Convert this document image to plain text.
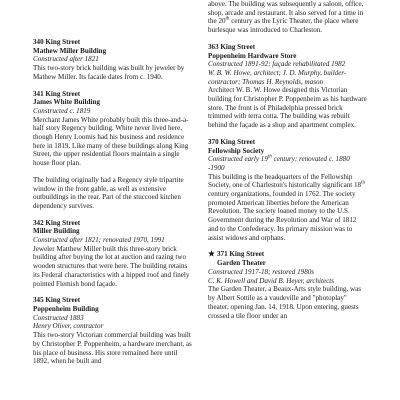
340 King Street
Mathew Miller Building
Constructed after 1821
This two-story brick building was built by jeweler by Mathew Miller. Its facade dates from c. 1940.
341 King Street
James White Building
Constructed c. 1819
Merchant James White probably built this three-and-a-half story Regency building. White never lived here, though Henry Loomis had his business and residence here in 1819. Like many of these buildings along King Street, the upper residential floors maintain a single house floor plan.
The building originally had a Regency style tripartite window in the front gable, as well as extensive outbuildings in the rear. Part of the stuccoed kitchen dependency survives.
342 King Street
Miller Building
Constructed after 1821; renovated 1970, 1991
Jeweler Matthew Miller built this three-story brick building after buying the lot at auction and razing two wooden structures that were here. The building retains its Federal characteristics with a hipped roof and finely pointed Flemish bond façade.
345 King Street
Poppenheim Building
Constructed 1883
Henry Oliver, contractor
This two-story Victorian commercial building was built by Christopher P. Poppenheim, a hardware merchant, as his place of business. His store remained here until 1892, when he built and
above. The building was subsequently a saloon, office, shop, arcade and restaurant. It also served for a time in the 20th century as the Lyric Theater, the place where burlesque was introduced to Charleston.
363 King Street
Poppenheim Hardware Store
Constructed 1891-92; façade rehabilitated 1982
W. B. W. Howe, architect; J. D. Murphy, builder-contractor; Thomas H. Reynolds, mason
Architect W. B. W. Howe designed this Victorian building for Christopher P. Poppenheim as his hardware store. The front is of Philadelphia pressed brick trimmed with terra cotta. The building was rebuilt behind the façade as a shop and apartment complex.
370 King Street
Fellowship Society
Constructed early 19th century; renovated c. 1880 -1900
This building is the headquarters of the Fellowship Society, one of Charleston's historically significant 18th century organizations, founded in 1762. The society promoted American liberties before the American Revolution. The society loaned money to the U.S. Government during the Revolution and War of 1812 and to the Confederacy. Its primary mission was to assist widows and orphans.
371 King Street
Garden Theater
Constructed 1917-18; restored 1980s
C. K. Howell and David B. Heyer, architects
The Garden Theater, a Beaux-Arts style building, was by Albert Sottile as a vaudeville and "photoplay" theater, opening Jan. 14, 1918. Upon entering, guests crossed a tile floor under an
